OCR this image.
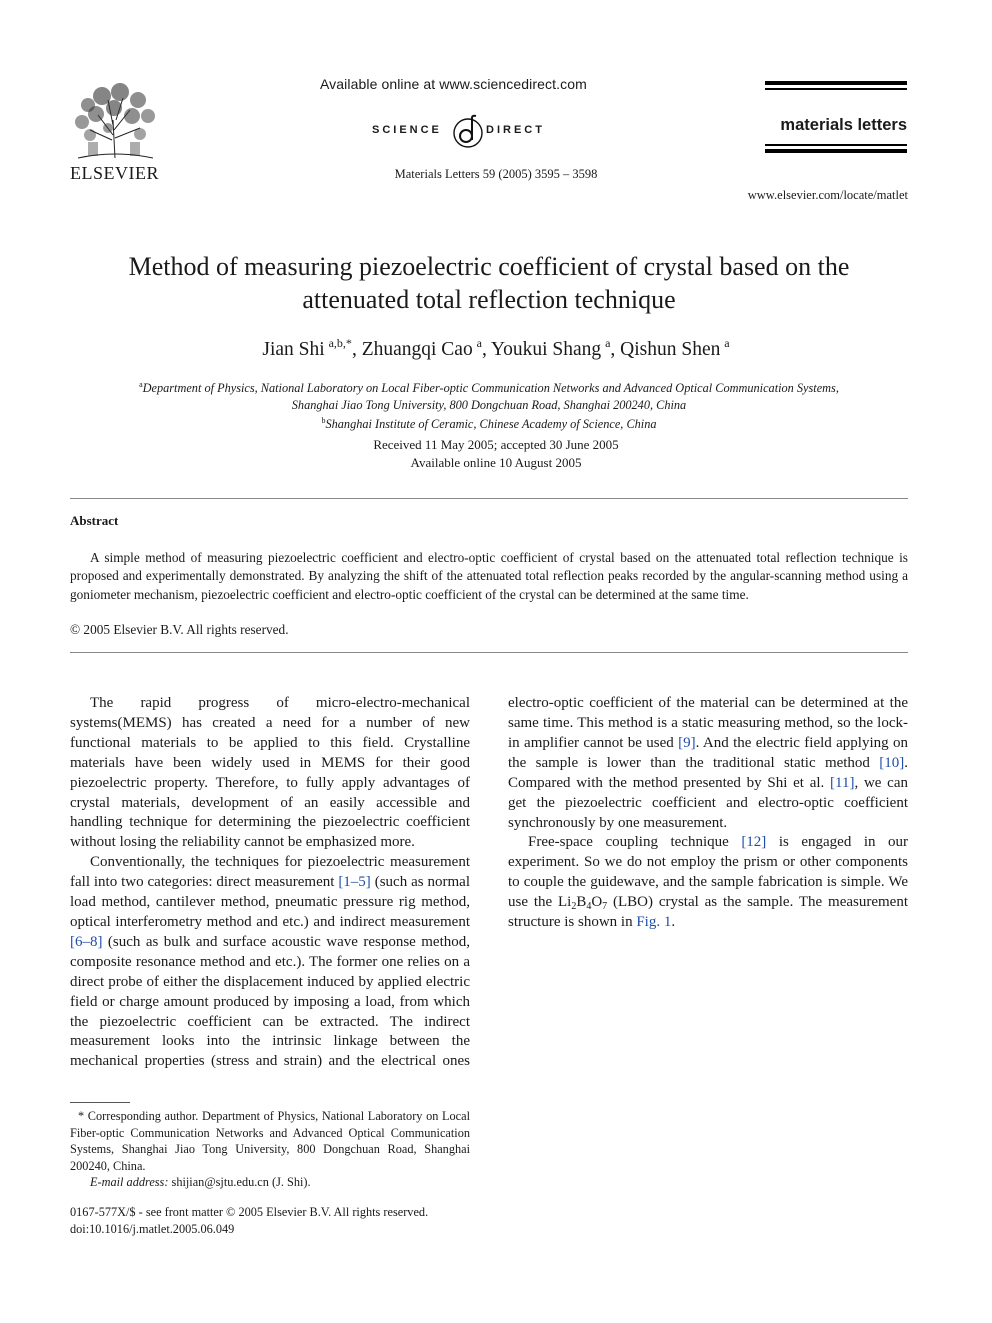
ELSEVIER
Available online at www.sciencedirect.com
SCIENCE	DIRECT
Materials Letters 59 (2005) 3595 – 3598
materials letters
www.elsevier.com/locate/matlet
Method of measuring piezoelectric coefficient of crystal based on the
attenuated total reflection technique
Jian Shi  $^{a,b,*}$, Zhuangqi Cao  $^a$, Youkui Shang  $^a$, Qishun Shen  $^a$
$^a$Department of Physics, National Laboratory on Local Fiber-optic Communication Networks and Advanced Optical Communication Systems,
Shanghai Jiao Tong University, 800 Dongchuan Road, Shanghai 200240, China
$^b$Shanghai Institute of Ceramic, Chinese Academy of Science, China
Received 11 May 2005; accepted 30 June 2005
Available online 10 August 2005
Abstract

A simple method of measuring piezoelectric coefficient and electro-optic coefficient of crystal based on the attenuated total reflection technique is proposed and experimentally demonstrated. By analyzing the shift of the attenuated total reflection peaks recorded by the angular-scanning method using a goniometer mechanism, piezoelectric coefficient and electro-optic coefficient of the crystal can be determined at the same time.

© 2005 Elsevier B.V. All rights reserved.

The rapid progress of micro-electro-mechanical systems(MEMS) has created a need for a number of new functional materials to be applied to this field. Crystalline materials have been widely used in MEMS for their good piezoelectric property. Therefore, to fully apply advantages of crystal materials, development of an easily accessible and handling technique for determining the piezoelectric coefficient without losing the reliability cannot be emphasized more.

Conventionally, the techniques for piezoelectric measurement fall into two categories: direct measurement [1–5] (such as normal load method, cantilever method, pneumatic pressure rig method, optical interferometry method and etc.) and indirect measurement [6–8] (such as bulk and surface acoustic wave response method, composite resonance method and etc.). The former one relies on a direct probe of either the displacement induced by applied electric field or charge amount produced by imposing a load, from which the piezoelectric coefficient can be extracted. The indirect measurement looks into the intrinsic linkage between the mechanical properties (stress and strain) and the electrical ones

electro-optic coefficient of the material can be determined at the same time. This method is a static measuring method, so the lock-in amplifier cannot be used [9]. And the electric field applying on the sample is lower than the traditional static method [10]. Compared with the method presented by Shi et al. [11], we can get the piezoelectric coefficient and electro-optic coefficient synchronously by one measurement.

Free-space coupling technique [12] is engaged in our experiment. So we do not employ the prism or other components to couple the guidewave, and the sample fabrication is simple. We use the $Li_2B_4O_7$ (LBO) crystal as the sample. The measurement structure is shown in Fig. 1.

* Corresponding author. Department of Physics, National Laboratory on Local Fiber-optic Communication Networks and Advanced Optical Communication Systems, Shanghai Jiao Tong University, 800 Dongchuan Road, Shanghai 200240, China.

E-mail address: shijian@sjtu.edu.cn (J. Shi).

0167-577X/$ - see front matter © 2005 Elsevier B.V. All rights reserved.
doi:10.1016/j.matlet.2005.06.049
